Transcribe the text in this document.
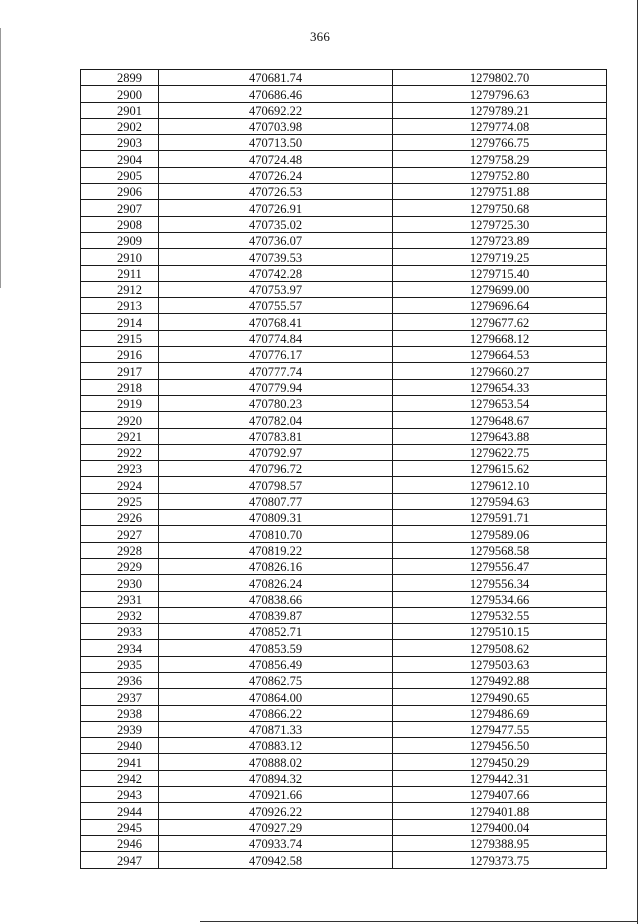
366
2899	470681.74	1279802.70
2900	470686.46	1279796.63
2901	470692.22	1279789.21
2902	470703.98	1279774.08
2903	470713.50	1279766.75
2904	470724.48	1279758.29
2905	470726.24	1279752.80
2906	470726.53	1279751.88
2907	470726.91	1279750.68
2908	470735.02	1279725.30
2909	470736.07	1279723.89
2910	470739.53	1279719.25
2911	470742.28	1279715.40
2912	470753.97	1279699.00
2913	470755.57	1279696.64
2914	470768.41	1279677.62
2915	470774.84	1279668.12
2916	470776.17	1279664.53
2917	470777.74	1279660.27
2918	470779.94	1279654.33
2919	470780.23	1279653.54
2920	470782.04	1279648.67
2921	470783.81	1279643.88
2922	470792.97	1279622.75
2923	470796.72	1279615.62
2924	470798.57	1279612.10
2925	470807.77	1279594.63
2926	470809.31	1279591.71
2927	470810.70	1279589.06
2928	470819.22	1279568.58
2929	470826.16	1279556.47
2930	470826.24	1279556.34
2931	470838.66	1279534.66
2932	470839.87	1279532.55
2933	470852.71	1279510.15
2934	470853.59	1279508.62
2935	470856.49	1279503.63
2936	470862.75	1279492.88
2937	470864.00	1279490.65
2938	470866.22	1279486.69
2939	470871.33	1279477.55
2940	470883.12	1279456.50
2941	470888.02	1279450.29
2942	470894.32	1279442.31
2943	470921.66	1279407.66
2944	470926.22	1279401.88
2945	470927.29	1279400.04
2946	470933.74	1279388.95
2947	470942.58	1279373.75
